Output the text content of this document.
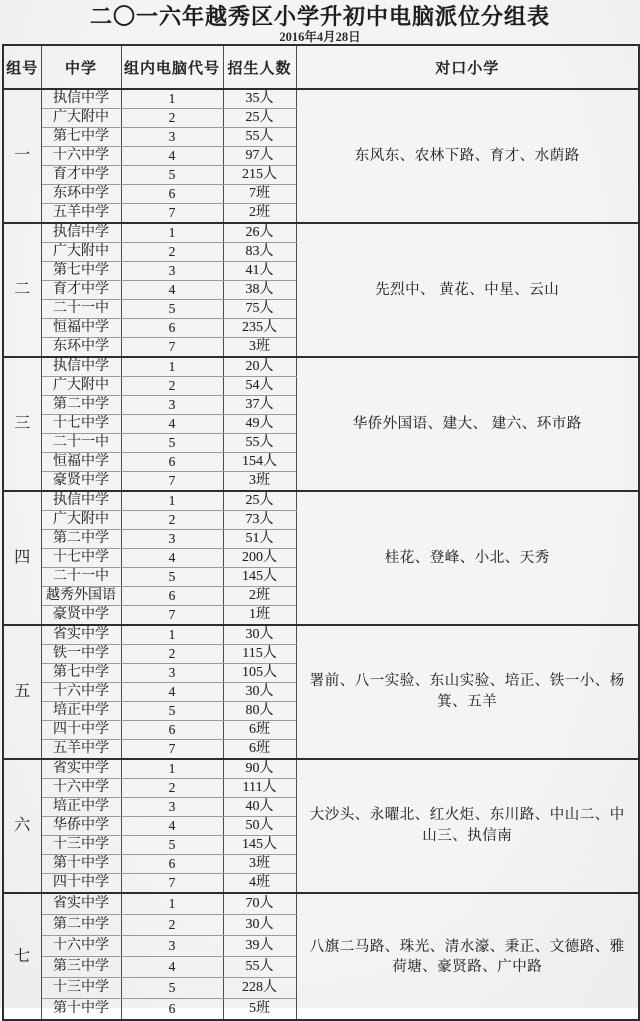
二〇一六年越秀区小学升初中电脑派位分组表
2016年4月28日
组号	中学	组内电脑代号	招生人数	对口小学
一	执信中学	1	35人	东风东、农林下路、育才、水荫路
	广大附中	2	25人	
	第七中学	3	55人	
	十六中学	4	97人	
	育才中学	5	215人	
	东环中学	6	7班	
	五羊中学	7	2班	
二	执信中学	1	26人	先烈中、 黄花、中星、云山
	广大附中	2	83人	
	第七中学	3	41人	
	育才中学	4	38人	
	二十一中	5	75人	
	恒福中学	6	235人	
	东环中学	7	3班	
三	执信中学	1	20人	华侨外国语、建大、 建六、环市路
	广大附中	2	54人	
	第二中学	3	37人	
	十七中学	4	49人	
	二十一中	5	55人	
	恒福中学	6	154人	
	豪贤中学	7	3班	
四	执信中学	1	25人	桂花、登峰、小北、天秀
	广大附中	2	73人	
	第二中学	3	51人	
	十七中学	4	200人	
	二十一中	5	145人	
	越秀外国语	6	2班	
	豪贤中学	7	1班	
五	省实中学	1	30人	署前、八一实验、东山实验、培正、铁一小、杨箕、五羊
	铁一中学	2	115人	
	第七中学	3	105人	
	十六中学	4	30人	
	培正中学	5	80人	
	四十中学	6	6班	
	五羊中学	7	6班	
六	省实中学	1	90人	大沙头、永曜北、红火炬、东川路、中山二、中山三、执信南
	十六中学	2	111人	
	培正中学	3	40人	
	华侨中学	4	50人	
	十三中学	5	145人	
	第十中学	6	3班	
	四十中学	7	4班	
七	省实中学	1	70人	八旗二马路、珠光、清水濠、秉正、文德路、雅荷塘、豪贤路、广中路
	第二中学	2	30人	
	十六中学	3	39人	
	第三中学	4	55人	
	十三中学	5	228人	
	第十中学	6	5班	
